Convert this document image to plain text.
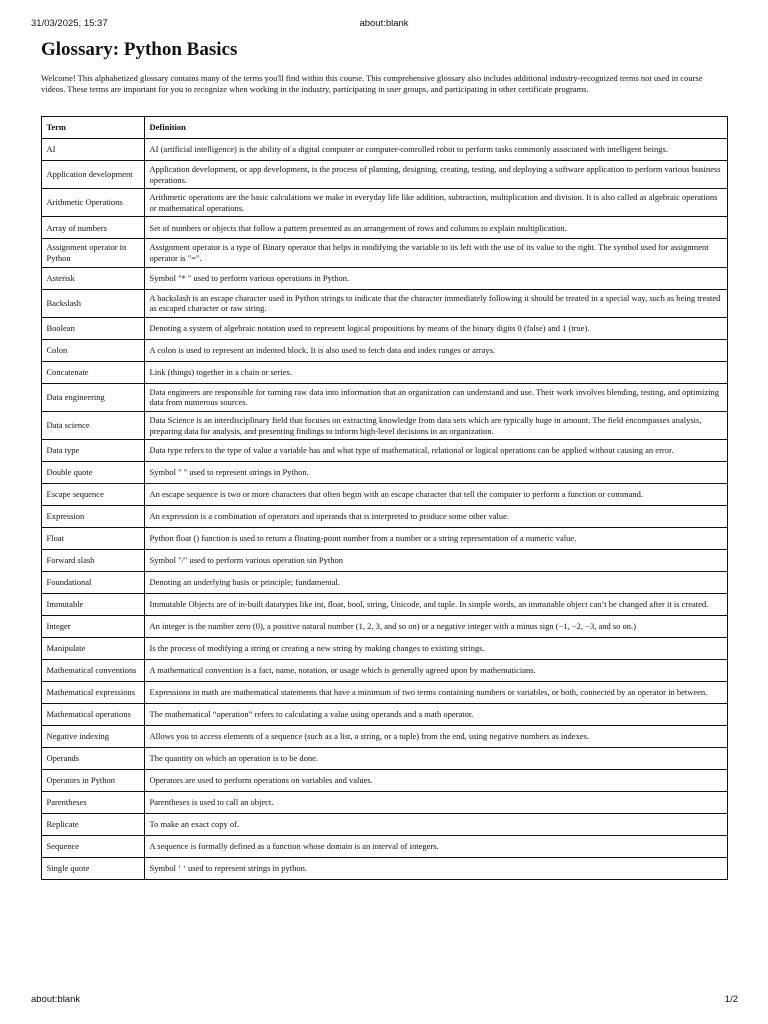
31/03/2025, 15:37	about:blank
Glossary: Python Basics

Welcome! This alphabetized glossary contains many of the terms you'll find within this course. This comprehensive glossary also includes additional industry-recognized terms not used in course videos. These terms are important for you to recognize when working in the industry, participating in user groups, and participating in other certificate programs.

Term	Definition
AI	AI (artificial intelligence) is the ability of a digital computer or computer-controlled robot to perform tasks commonly associated with intelligent beings.
Application development	Application development, or app development, is the process of planning, designing, creating, testing, and deploying a software application to perform various business operations.
Arithmetic Operations	Arithmetic operations are the basic calculations we make in everyday life like addition, subtraction, multiplication and division. It is also called as algebraic operations or mathematical operations.
Array of numbers	Set of numbers or objects that follow a pattern presented as an arrangement of rows and columns to explain multiplication.
Assignment operator in Python	Assignment operator is a type of Binary operator that helps in modifying the variable to its left with the use of its value to the right. The symbol used for assignment operator is "=".
Asterisk	Symbol "* " used to perform various operations in Python.
Backslash	A backslash is an escape character used in Python strings to indicate that the character immediately following it should be treated in a special way, such as being treated as escaped character or raw string.
Boolean	Denoting a system of algebraic notation used to represent logical propositions by means of the binary digits 0 (false) and 1 (true).
Colon	A colon is used to represent an indented block. It is also used to fetch data and index ranges or arrays.
Concatenate	Link (things) together in a chain or series.
Data engineering	Data engineers are responsible for turning raw data into information that an organization can understand and use. Their work involves blending, testing, and optimizing data from numerous sources.
Data science	Data Science is an interdisciplinary field that focuses on extracting knowledge from data sets which are typically huge in amount. The field encompasses analysis, preparing data for analysis, and presenting findings to inform high-level decisions in an organization.
Data type	Data type refers to the type of value a variable has and what type of mathematical, relational or logical operations can be applied without causing an error.
Double quote	Symbol " " used to represent strings in Python.
Escape sequence	An escape sequence is two or more characters that often begin with an escape character that tell the computer to perform a function or command.
Expression	An expression is a combination of operators and operands that is interpreted to produce some other value.
Float	Python float () function is used to return a floating-point number from a number or a string representation of a numeric value.
Forward slash	Symbol "/" used to perform various operation sin Python
Foundational	Denoting an underlying basis or principle; fundamental.
Immutable	Immutable Objects are of in-built datatypes like int, float, bool, string, Unicode, and tuple. In simple words, an immutable object can’t be changed after it is created.
Integer	An integer is the number zero (0), a positive natural number (1, 2, 3, and so on) or a negative integer with a minus sign (−1, −2, −3, and so on.)
Manipulate	Is the process of modifying a string or creating a new string by making changes to existing strings.
Mathematical conventions	A mathematical convention is a fact, name, notation, or usage which is generally agreed upon by mathematicians.
Mathematical expressions	Expressions in math are mathematical statements that have a minimum of two terms containing numbers or variables, or both, connected by an operator in between.
Mathematical operations	The mathematical “operation” refers to calculating a value using operands and a math operator.
Negative indexing	Allows you to access elements of a sequence (such as a list, a string, or a tuple) from the end, using negative numbers as indexes.
Operands	The quantity on which an operation is to be done.
Operators in Python	Operators are used to perform operations on variables and values.
Parentheses	Parentheses is used to call an object.
Replicate	To make an exact copy of.
Sequence	A sequence is formally defined as a function whose domain is an interval of integers.
Single quote	Symbol ‘ ‘ used to represent strings in python.
about:blank	1/2
